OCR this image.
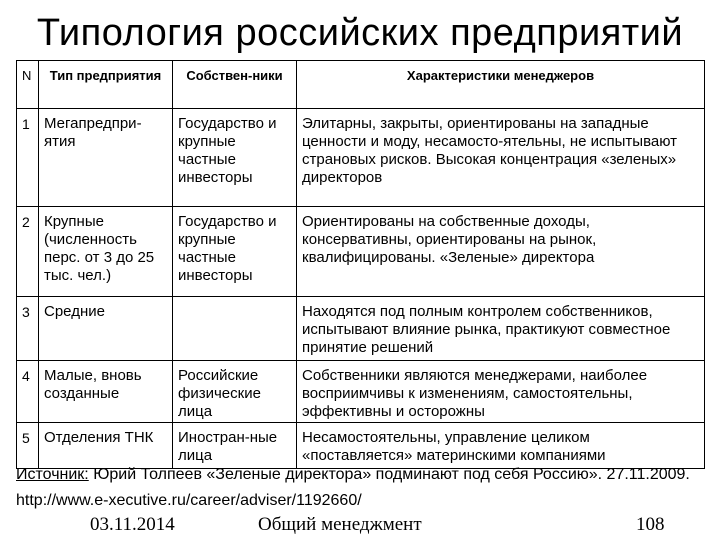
Типология российских предприятий
N	Тип предприятия	Собствен-ники	Характеристики менеджеров
1	Мегапредпри-ятия	Государство и крупные частные инвесторы	Элитарны, закрыты, ориентированы на западные ценности и моду, несамосто-ятельны, не испытывают страновых рисков. Высокая концентрация «зеленых» директоров
2	Крупные (численность перс. от 3 до 25 тыс. чел.)	Государство и крупные частные инвесторы	Ориентированы на собственные доходы, консервативны, ориентированы на рынок, квалифицированы. «Зеленые» директора
3	Средние		Находятся под полным контролем собственников, испытывают влияние рынка, практикуют совместное принятие решений
4	Малые, вновь созданные	Российские физические лица	Собственники являются менеджерами, наиболее восприимчивы к изменениям, самостоятельны, эффективны и осторожны
5	Отделения ТНК	Иностран-ные лица	Несамостоятельны, управление целиком «поставляется» материнскими компаниями
Источник: Юрий Толпеев «Зеленые директора» подминают под себя Россию». 27.11.2009. http://www.e-xecutive.ru/career/adviser/1192660/
03.11.2014	Общий менеджмент	108
